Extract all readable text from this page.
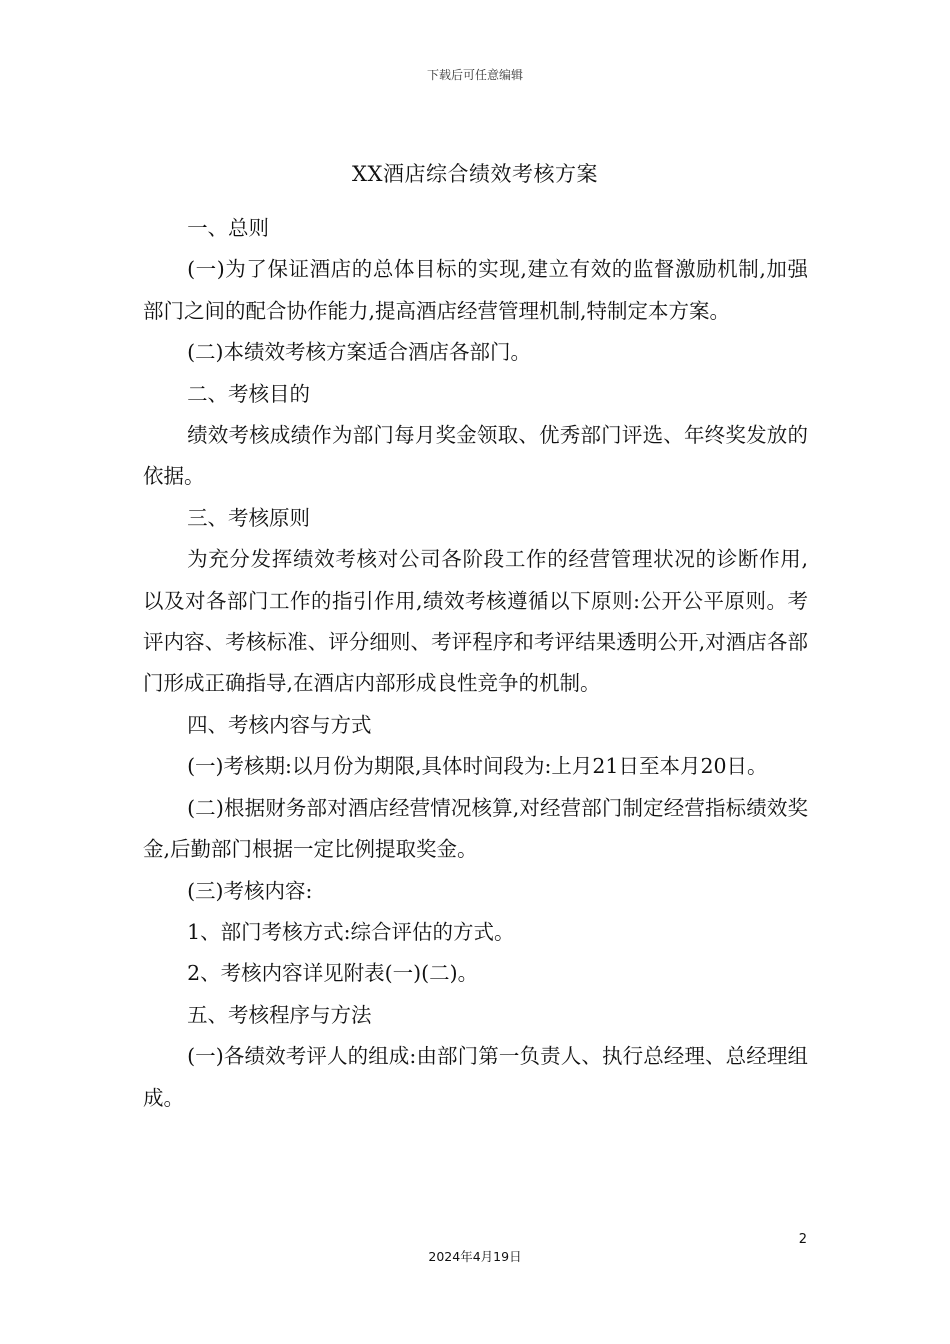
下载后可任意编辑
XX酒店综合绩效考核方案

一、总则

(一)为了保证酒店的总体目标的实现,建立有效的监督激励机制,加强部门之间的配合协作能力,提高酒店经营管理机制,特制定本方案。

(二)本绩效考核方案适合酒店各部门。

二、考核目的

绩效考核成绩作为部门每月奖金领取、优秀部门评选、年终奖发放的依据。

三、考核原则

为充分发挥绩效考核对公司各阶段工作的经营管理状况的诊断作用,以及对各部门工作的指引作用,绩效考核遵循以下原则:公开公平原则。考评内容、考核标准、评分细则、考评程序和考评结果透明公开,对酒店各部门形成正确指导,在酒店内部形成良性竞争的机制。

四、考核内容与方式

(一)考核期:以月份为期限,具体时间段为:上月21日至本月20日。

(二)根据财务部对酒店经营情况核算,对经营部门制定经营指标绩效奖金,后勤部门根据一定比例提取奖金。

(三)考核内容:

1、部门考核方式:综合评估的方式。

2、考核内容详见附表(一)(二)。

五、考核程序与方法

(一)各绩效考评人的组成:由部门第一负责人、执行总经理、总经理组成。

2
2024年4月19日
